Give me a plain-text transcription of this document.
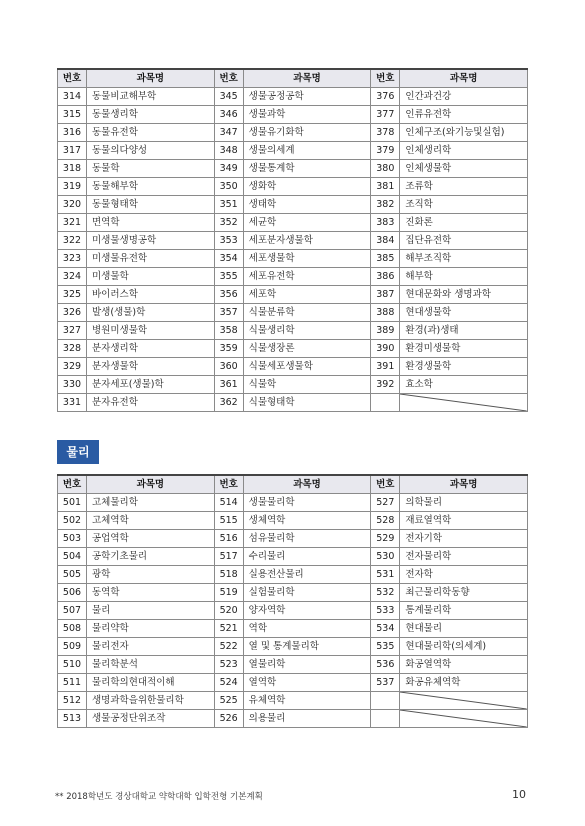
번호	과목명	번호	과목명	번호	과목명
314	동물비교해부학	345	생물공정공학	376	인간과건강
315	동물생리학	346	생물과학	377	인류유전학
316	동물유전학	347	생물유기화학	378	인체구조(와기능및실험)
317	동물의다양성	348	생물의세계	379	인체생리학
318	동물학	349	생물통계학	380	인체생물학
319	동물해부학	350	생화학	381	조류학
320	동물형태학	351	생태학	382	조직학
321	면역학	352	세균학	383	진화론
322	미생물생명공학	353	세포분자생물학	384	집단유전학
323	미생물유전학	354	세포생물학	385	해부조직학
324	미생물학	355	세포유전학	386	해부학
325	바이러스학	356	세포학	387	현대문화와 생명과학
326	발생(생물)학	357	식물분류학	388	현대생물학
327	병원미생물학	358	식물생리학	389	환경(과)생태
328	분자생리학	359	식물생장론	390	환경미생물학
329	분자생물학	360	식물세포생물학	391	환경생물학
330	분자세포(생물)학	361	식물학	392	효소학
331	분자유전학	362	식물형태학		
물리
번호	과목명	번호	과목명	번호	과목명
501	고체물리학	514	생물물리학	527	의학물리
502	고체역학	515	생체역학	528	재료열역학
503	공업역학	516	섬유물리학	529	전자기학
504	공학기초물리	517	수리물리	530	전자물리학
505	광학	518	실용전산물리	531	전자학
506	동역학	519	실험물리학	532	최근물리학동향
507	물리	520	양자역학	533	통계물리학
508	물리약학	521	역학	534	현대물리
509	물리전자	522	열 및 통계물리학	535	현대물리학(의세계)
510	물리학분석	523	열물리학	536	화공열역학
511	물리학의현대적이해	524	열역학	537	화공유체역학
512	생명과학을위한물리학	525	유체역학		

513	생물공정단위조작	526	의용물리		
** 2018학년도 경상대학교 약학대학 입학전형 기본계획	10
